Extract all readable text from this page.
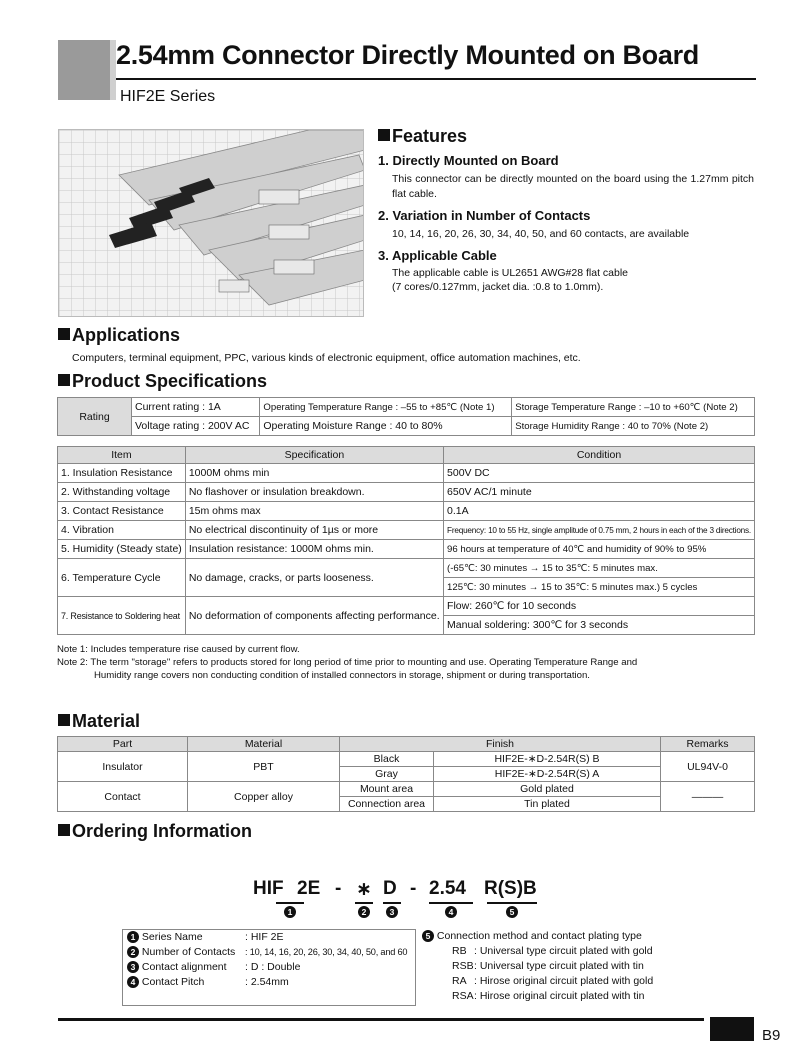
2.54mm Connector Directly Mounted on Board
HIF2E Series
Features
1. Directly Mounted on Board
This connector can be directly mounted on the board using the 1.27mm pitch flat cable.
2. Variation in Number of Contacts
10, 14, 16, 20, 26, 30, 34, 40, 50, and 60 contacts, are available
3. Applicable Cable
The applicable cable is UL2651 AWG#28 flat cable
(7 cores/0.127mm, jacket dia. :0.8 to 1.0mm).
Applications
Computers, terminal equipment, PPC, various kinds of electronic equipment, office automation machines, etc.
Product Specifications
Rating	Current rating : 1A	Operating Temperature Range : –55 to +85℃ (Note 1)	Storage Temperature Range : –10 to +60℃ (Note 2)
	Voltage rating : 200V AC	Operating Moisture Range : 40 to 80%	Storage Humidity Range : 40 to 70% (Note 2)
Item	Specification	Condition
1. Insulation Resistance	1000M ohms min	500V DC
2. Withstanding voltage	No flashover or insulation breakdown.	650V AC/1 minute
3. Contact Resistance	15m ohms max	0.1A
4. Vibration	No electrical discontinuity of 1µs or more	Frequency: 10 to 55 Hz, single amplitude of 0.75 mm, 2 hours in each of the 3 directions.
5. Humidity (Steady state)	Insulation resistance: 1000M ohms min.	96 hours at temperature of 40℃ and humidity of 90% to 95%
6. Temperature Cycle	No damage, cracks, or parts looseness.	(-65℃: 30 minutes → 15 to 35℃: 5 minutes max.
		125℃: 30 minutes → 15 to 35℃: 5 minutes max.) 5 cycles
7. Resistance to Soldering heat	No deformation of components affecting performance.	Flow: 260℃ for 10 seconds
		Manual soldering: 300℃ for 3 seconds
Note 1: Includes temperature rise caused by current flow.
Note 2: The term "storage" refers to products stored for long period of time prior to mounting and use. Operating Temperature Range and
Humidity range covers non conducting condition of installed connectors in storage, shipment or during transportation.
Material
Part	Material	Finish		Remarks
Insulator	PBT	Black	HIF2E-∗D-2.54R(S) B	UL94V-0
		Gray	HIF2E-∗D-2.54R(S) A	
Contact	Copper alloy	Mount area	Gold plated	———
		Connection area	Tin plated	
Ordering Information
HIF 2E - ∗ D - 2.54 R(S)B
1	2	3	4	5
1 Series Name	: HIF 2E
2 Number of Contacts : 10, 14, 16, 20, 26, 30, 34, 40, 50, and 60
3 Contact alignment : D : Double
4 Contact Pitch	: 2.54mm
5 Connection method and contact plating type
RB : Universal type circuit plated with gold
RSB: Universal type circuit plated with tin
RA : Hirose original circuit plated with gold
RSA: Hirose original circuit plated with tin
B9
